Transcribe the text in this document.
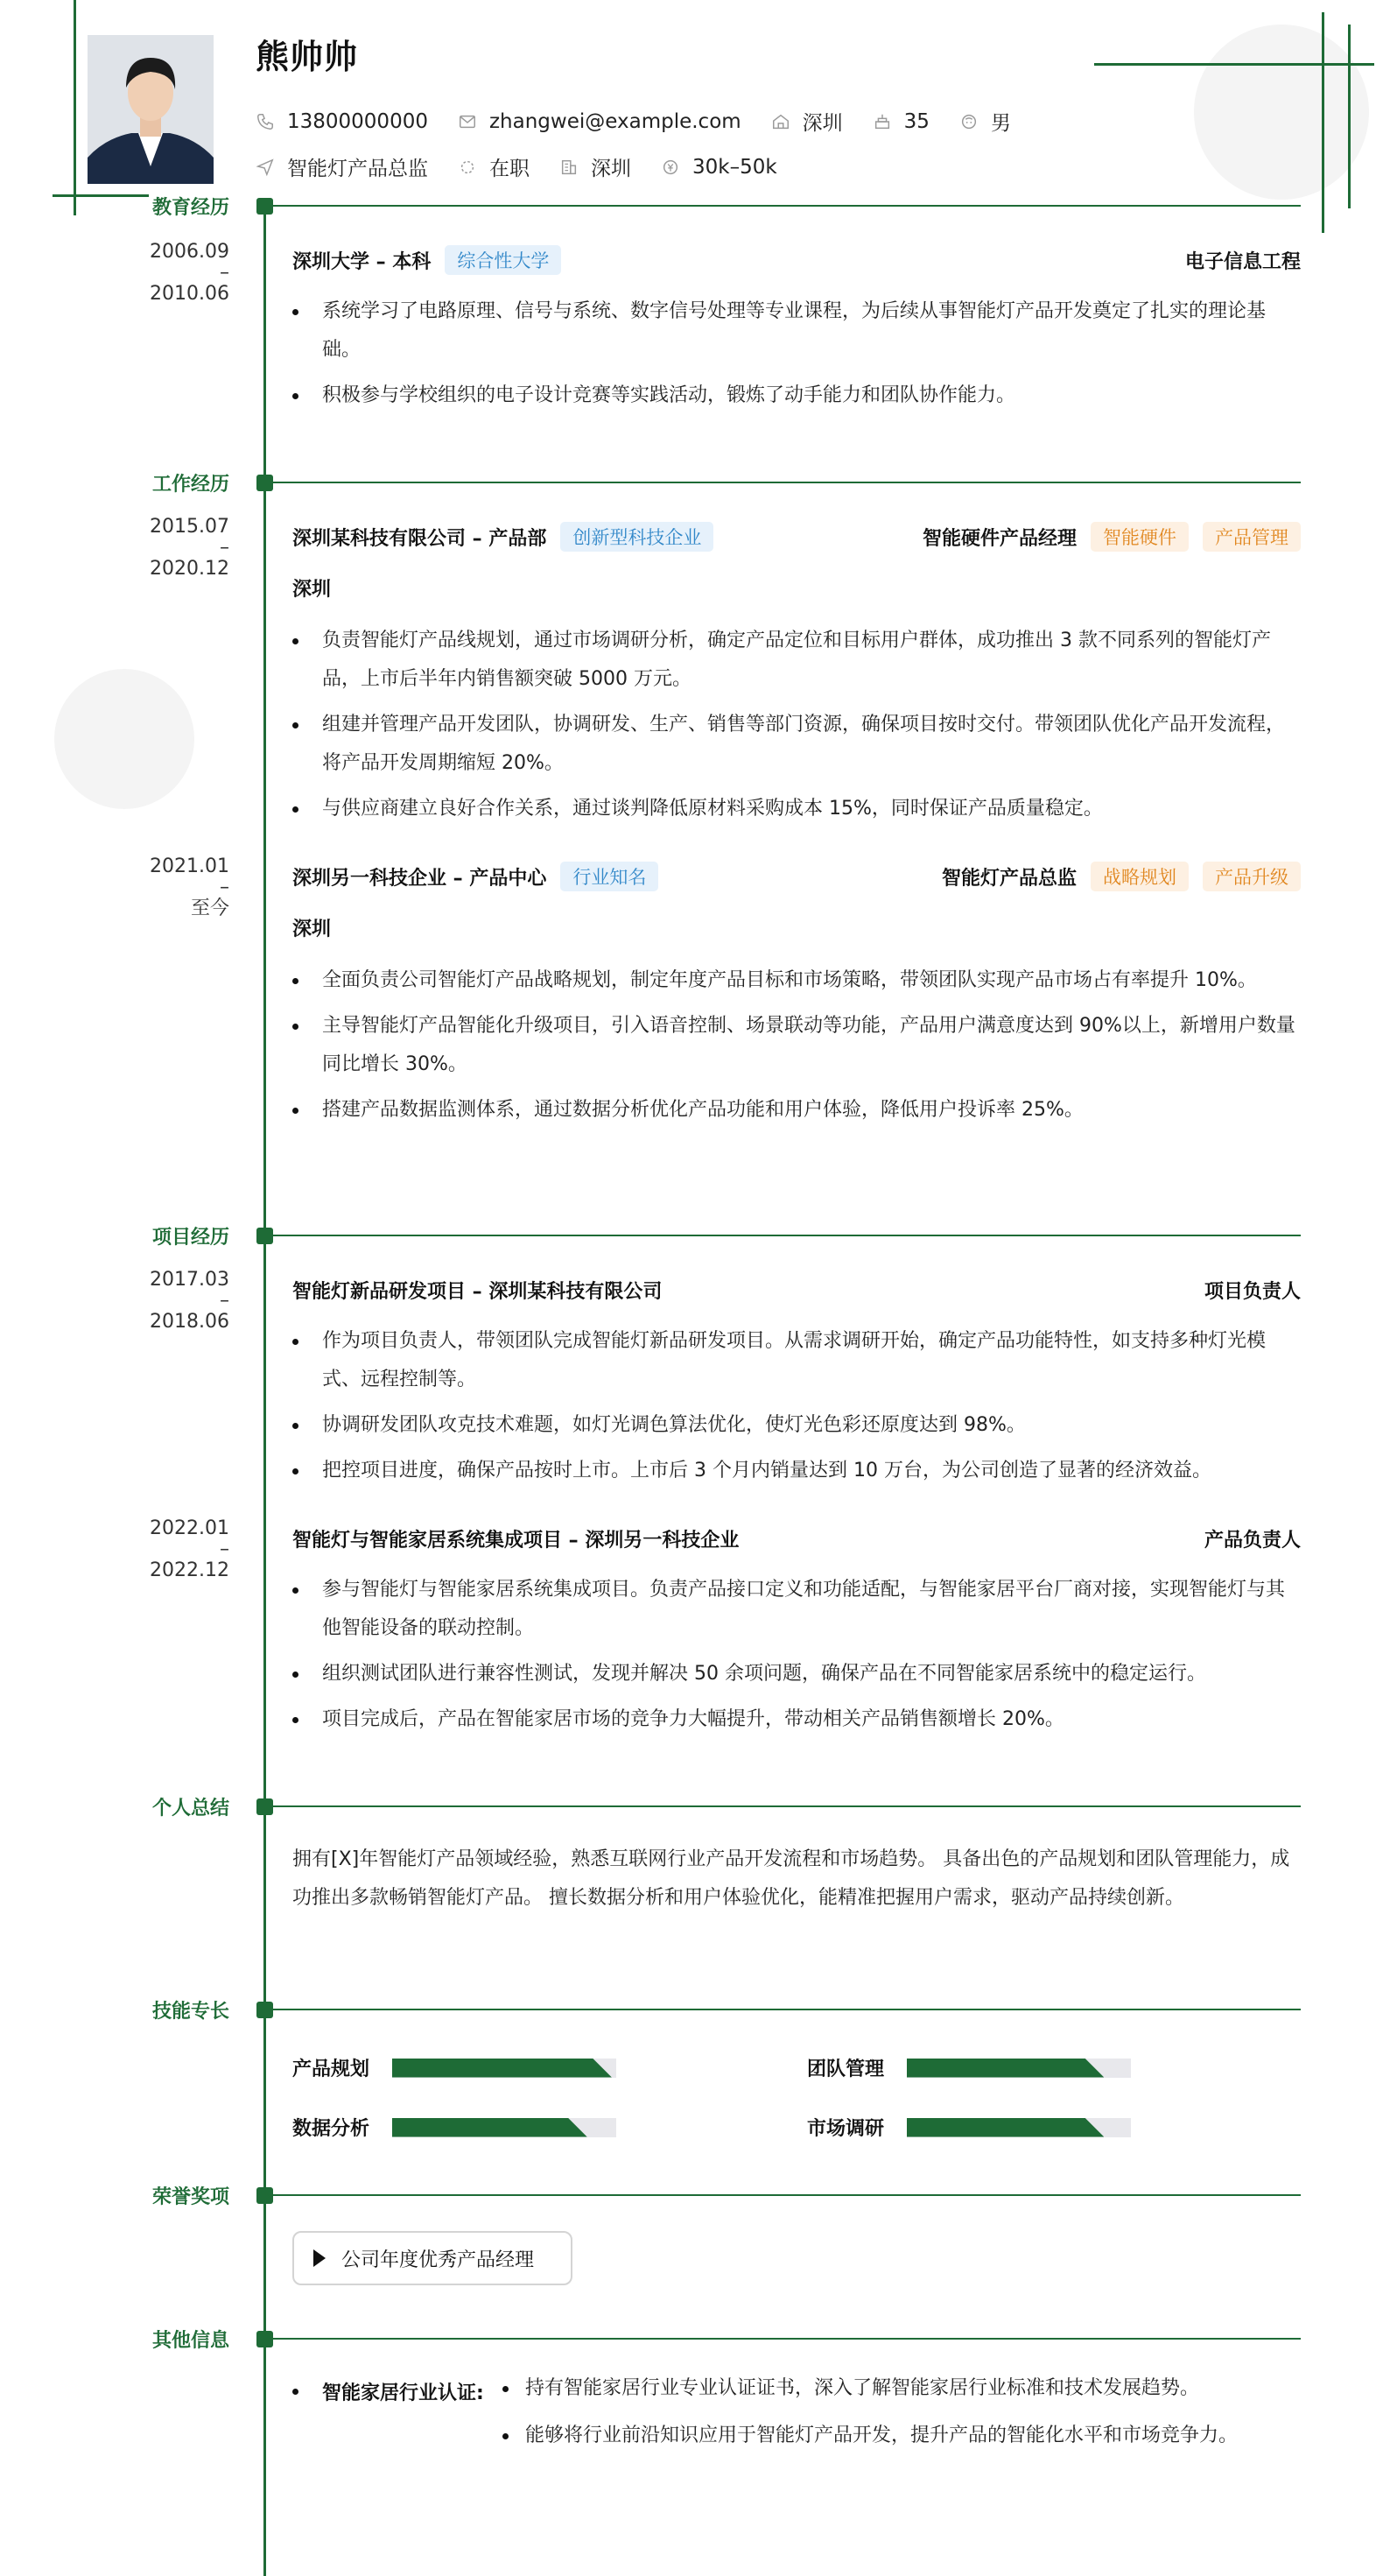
熊帅帅
13800000000	zhangwei@example.com	深圳	35	男
智能灯产品总监	在职	深圳	30k–50k
教育经历
2006.09
–
2010.06
深圳大学 – 本科	综合性大学	电子信息工程
系统学习了电路原理、信号与系统、数字信号处理等专业课程，为后续从事智能灯产品开发奠定了扎实的理论基础。
积极参与学校组织的电子设计竞赛等实践活动，锻炼了动手能力和团队协作能力。
工作经历
2015.07
–
2020.12
深圳某科技有限公司 – 产品部	创新型科技企业	智能硬件产品经理	智能硬件	产品管理
深圳
负责智能灯产品线规划，通过市场调研分析，确定产品定位和目标用户群体，成功推出 3 款不同系列的智能灯产品，上市后半年内销售额突破 5000 万元。
组建并管理产品开发团队，协调研发、生产、销售等部门资源，确保项目按时交付。带领团队优化产品开发流程，将产品开发周期缩短 20%。
与供应商建立良好合作关系，通过谈判降低原材料采购成本 15%，同时保证产品质量稳定。
2021.01
–
至今
深圳另一科技企业 – 产品中心	行业知名	智能灯产品总监	战略规划	产品升级
深圳
全面负责公司智能灯产品战略规划，制定年度产品目标和市场策略，带领团队实现产品市场占有率提升 10%。
主导智能灯产品智能化升级项目，引入语音控制、场景联动等功能，产品用户满意度达到 90%以上，新增用户数量同比增长 30%。
搭建产品数据监测体系，通过数据分析优化产品功能和用户体验，降低用户投诉率 25%。
项目经历
2017.03
–
2018.06
智能灯新品研发项目 – 深圳某科技有限公司	项目负责人
作为项目负责人，带领团队完成智能灯新品研发项目。从需求调研开始，确定产品功能特性，如支持多种灯光模式、远程控制等。
协调研发团队攻克技术难题，如灯光调色算法优化，使灯光色彩还原度达到 98%。
把控项目进度，确保产品按时上市。上市后 3 个月内销量达到 10 万台，为公司创造了显著的经济效益。
2022.01
–
2022.12
智能灯与智能家居系统集成项目 – 深圳另一科技企业	产品负责人
参与智能灯与智能家居系统集成项目。负责产品接口定义和功能适配，与智能家居平台厂商对接，实现智能灯与其他智能设备的联动控制。
组织测试团队进行兼容性测试，发现并解决 50 余项问题，确保产品在不同智能家居系统中的稳定运行。
项目完成后，产品在智能家居市场的竞争力大幅提升，带动相关产品销售额增长 20%。
个人总结
拥有[X]年智能灯产品领域经验，熟悉互联网行业产品开发流程和市场趋势。 具备出色的产品规划和团队管理能力，成功推出多款畅销智能灯产品。 擅长数据分析和用户体验优化，能精准把握用户需求，驱动产品持续创新。
技能专长
产品规划	团队管理
数据分析	市场调研
荣誉奖项
公司年度优秀产品经理
其他信息
智能家居行业认证:	持有智能家居行业专业认证证书，深入了解智能家居行业标准和技术发展趋势。
能够将行业前沿知识应用于智能灯产品开发，提升产品的智能化水平和市场竞争力。
